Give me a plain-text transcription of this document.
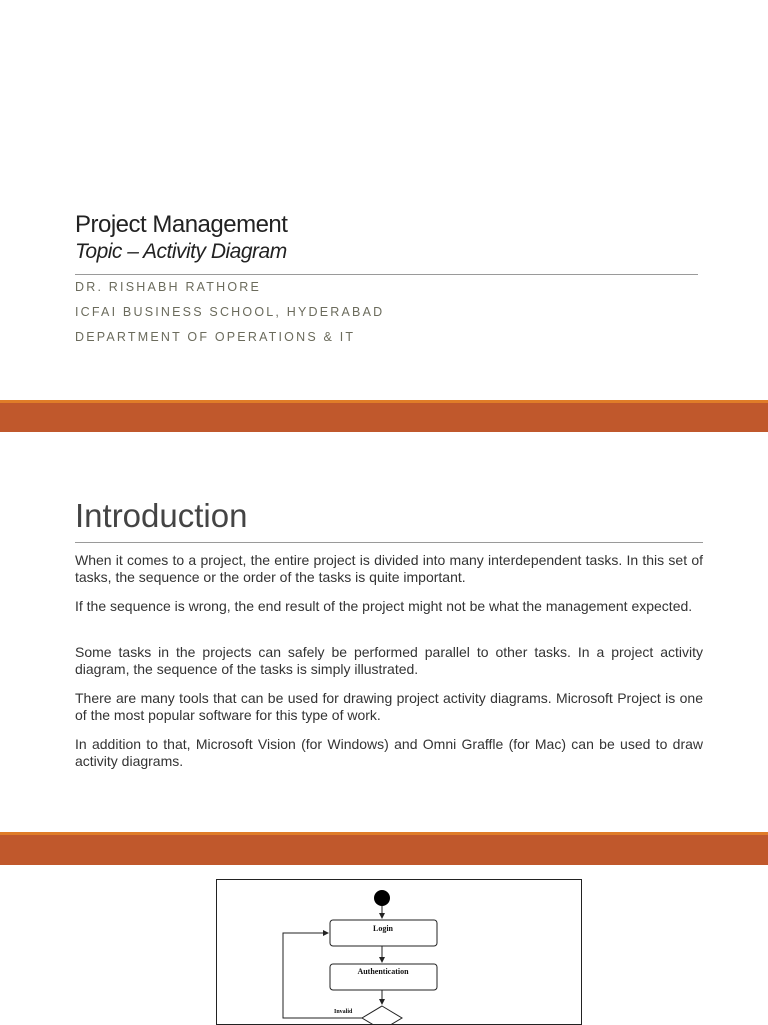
Project Management
Topic – Activity Diagram
DR. RISHABH RATHORE
ICFAI BUSINESS SCHOOL, HYDERABAD
DEPARTMENT OF OPERATIONS & IT
Introduction
When it comes to a project, the entire project is divided into many interdependent tasks. In this set of tasks, the sequence or the order of the tasks is quite important.
If the sequence is wrong, the end result of the project might not be what the management expected.
Some tasks in the projects can safely be performed parallel to other tasks. In a project activity diagram, the sequence of the tasks is simply illustrated.
There are many tools that can be used for drawing project activity diagrams. Microsoft Project is one of the most popular software for this type of work.
In addition to that, Microsoft Vision (for Windows) and Omni Graffle (for Mac) can be used to draw activity diagrams.
Login
Authentication
Invalid
